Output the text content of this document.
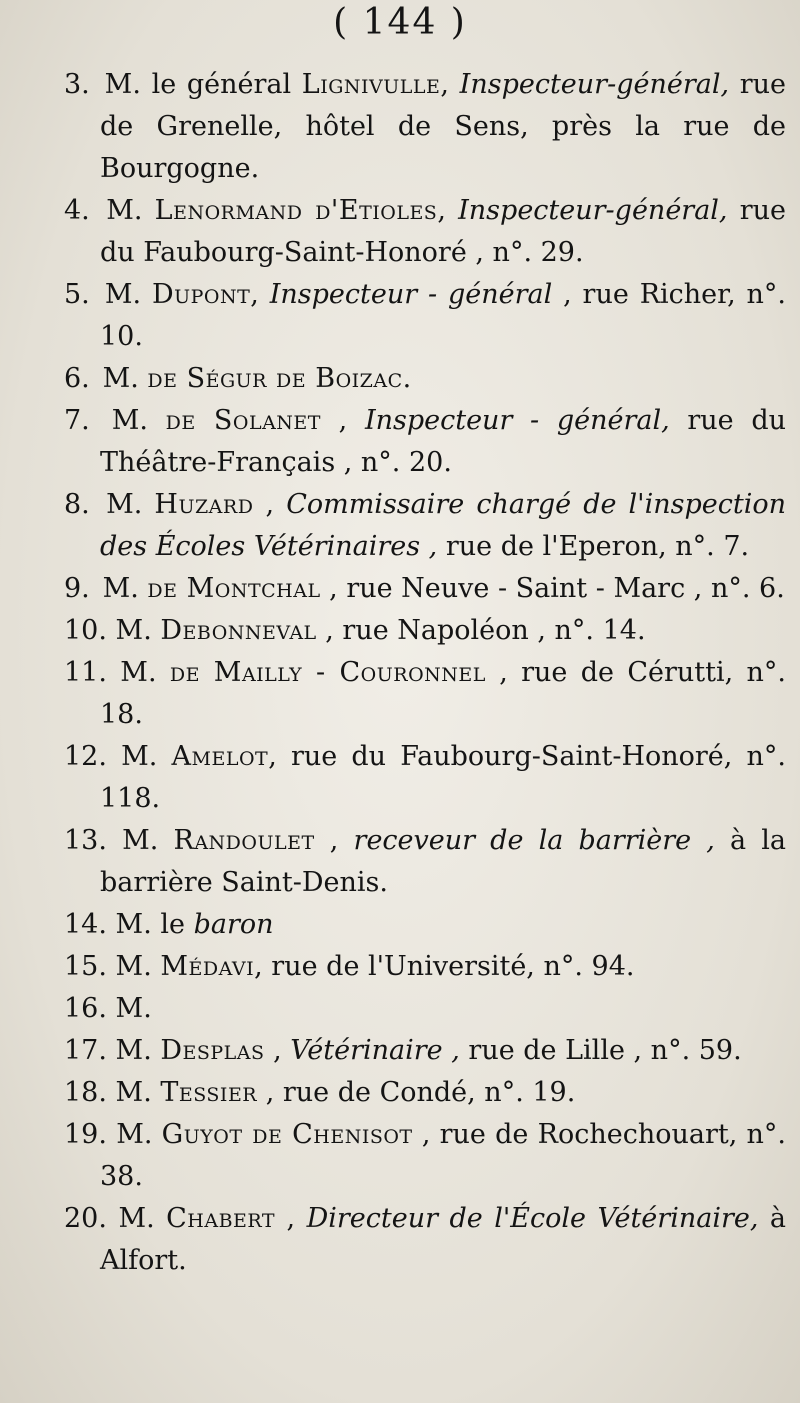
( 144 )
3. M. le général Lignivulle, Inspecteur-général, rue de Grenelle, hôtel de Sens, près la rue de Bourgogne.
4. M. Lenormand d'Etioles, Inspecteur-général, rue du Faubourg-Saint-Honoré , n°. 29.
5. M. Dupont, Inspecteur - général , rue Richer, n°. 10.
6. M. de Ségur de Boizac.
7. M. de Solanet , Inspecteur - général, rue du Théâtre-Français , n°. 20.
8. M. Huzard , Commissaire chargé de l'inspection des Écoles Vétérinaires , rue de l'Eperon, n°. 7.
9. M. de Montchal , rue Neuve - Saint - Marc , n°. 6.
10. M. Debonneval , rue Napoléon , n°. 14.
11. M. de Mailly - Couronnel , rue de Cérutti, n°. 18.
12. M. Amelot, rue du Faubourg-Saint-Honoré, n°. 118.
13. M. Randoulet , receveur de la barrière , à la barrière Saint-Denis.
14. M. le baron
15. M. Médavi, rue de l'Université, n°. 94.
16. M.
17. M. Desplas , Vétérinaire , rue de Lille , n°. 59.
18. M. Tessier , rue de Condé, n°. 19.
19. M. Guyot de Chenisot , rue de Rochechouart, n°. 38.
20. M. Chabert , Directeur de l'École Vétérinaire, à Alfort.
